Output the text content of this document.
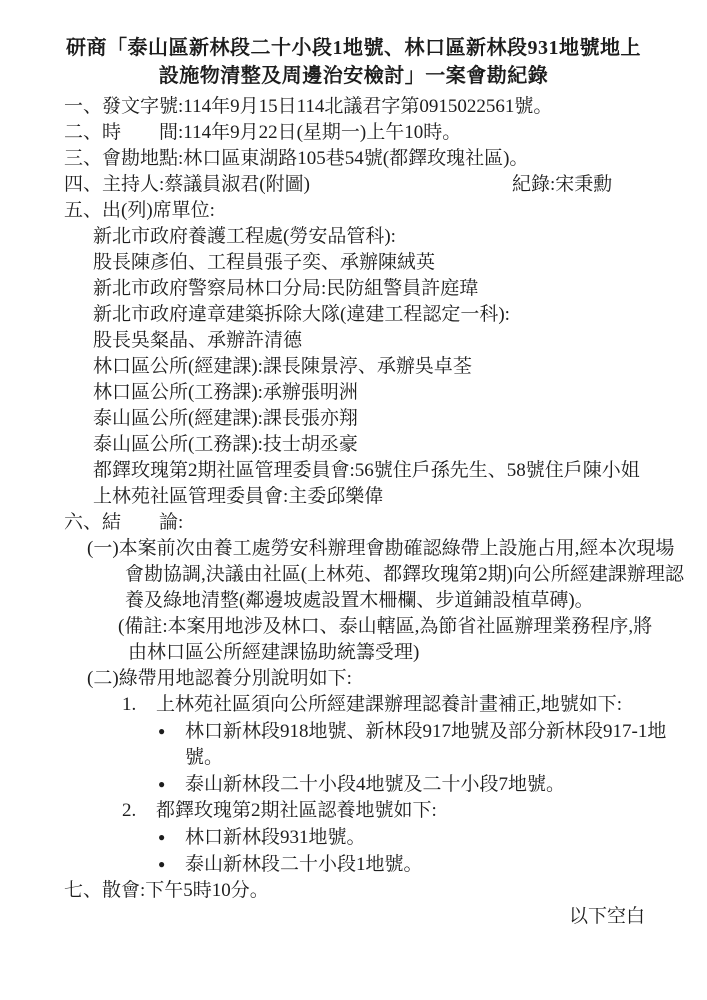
研商「泰山區新林段二十小段1地號、林口區新林段931地號地上
設施物清整及周邊治安檢討」一案會勘紀錄
一、發文字號:114年9月15日114北議君字第0915022561號。
二、時　　間:114年9月22日(星期一)上午10時。
三、會勘地點:林口區東湖路105巷54號(都鐸玫瑰社區)。
四、主持人:蔡議員淑君(附圖)	紀錄:宋秉勳
五、出(列)席單位:
新北市政府養護工程處(勞安品管科):
股長陳彥伯、工程員張子奕、承辦陳絨英
新北市政府警察局林口分局:民防組警員許庭瑋
新北市政府違章建築拆除大隊(違建工程認定一科):
股長吳粲晶、承辦許清德
林口區公所(經建課):課長陳景渟、承辦吳卓荃
林口區公所(工務課):承辦張明洲
泰山區公所(經建課):課長張亦翔
泰山區公所(工務課):技士胡丞豪
都鐸玫瑰第2期社區管理委員會:56號住戶孫先生、58號住戶陳小姐
上林苑社區管理委員會:主委邱樂偉
六、結　　論:
(一)本案前次由養工處勞安科辦理會勘確認綠帶上設施占用,經本次現場
會勘協調,決議由社區(上林苑、都鐸玫瑰第2期)向公所經建課辦理認
養及綠地清整(鄰邊坡處設置木柵欄、步道鋪設植草磚)。
(備註:本案用地涉及林口、泰山轄區,為節省社區辦理業務程序,將
由林口區公所經建課協助統籌受理)
(二)綠帶用地認養分別說明如下:
1. 上林苑社區須向公所經建課辦理認養計畫補正,地號如下:
● 林口新林段918地號、新林段917地號及部分新林段917-1地
號。
● 泰山新林段二十小段4地號及二十小段7地號。
2. 都鐸玫瑰第2期社區認養地號如下:
● 林口新林段931地號。
● 泰山新林段二十小段1地號。
七、散會:下午5時10分。
以下空白
